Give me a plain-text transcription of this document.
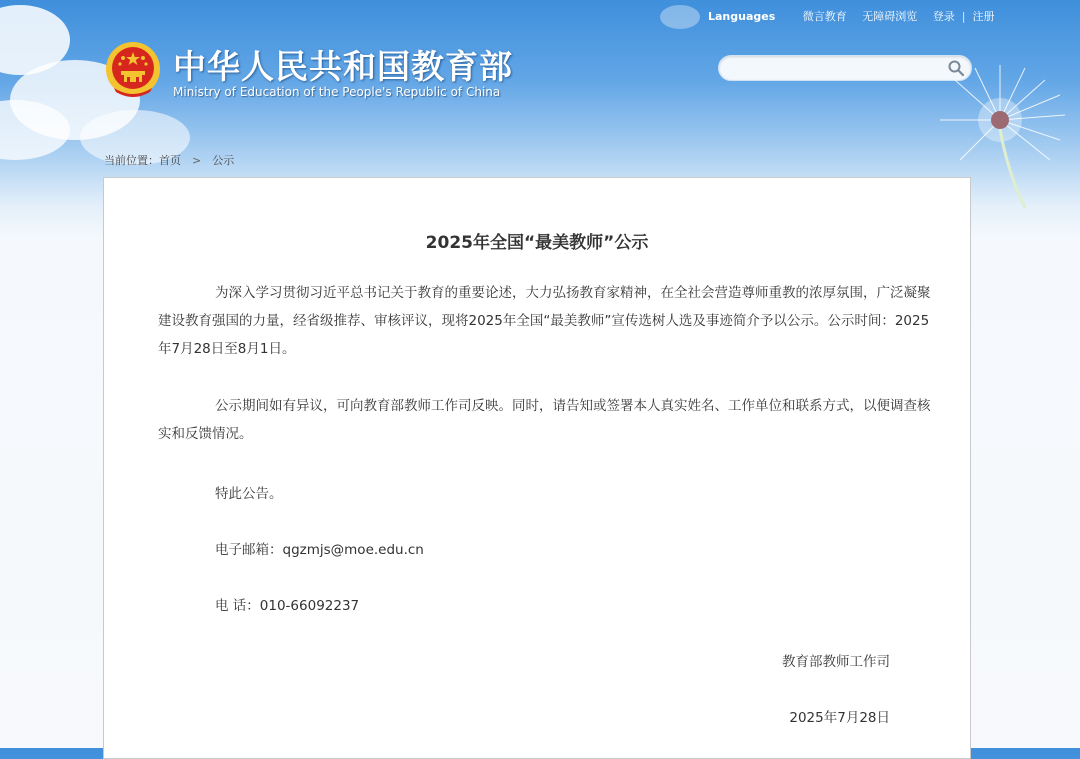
Languages	微言教育 无障碍浏览 登录 | 注册
中华人民共和国教育部
Ministry of Education of the People's Republic of China
当前位置：首页 > 公示
2025年全国“最美教师”公示

为深入学习贯彻习近平总书记关于教育的重要论述，大力弘扬教育家精神，在全社会营造尊师重教的浓厚氛围，广泛凝聚建设教育强国的力量，经省级推荐、审核评议，现将2025年全国“最美教师”宣传选树人选及事迹简介予以公示。公示时间：2025年7月28日至8月1日。

公示期间如有异议，可向教育部教师工作司反映。同时，请告知或签署本人真实姓名、工作单位和联系方式，以便调查核实和反馈情况。

特此公告。
电子邮箱：qgzmjs@moe.edu.cn
电 话：010-66092237
教育部教师工作司
2025年7月28日
